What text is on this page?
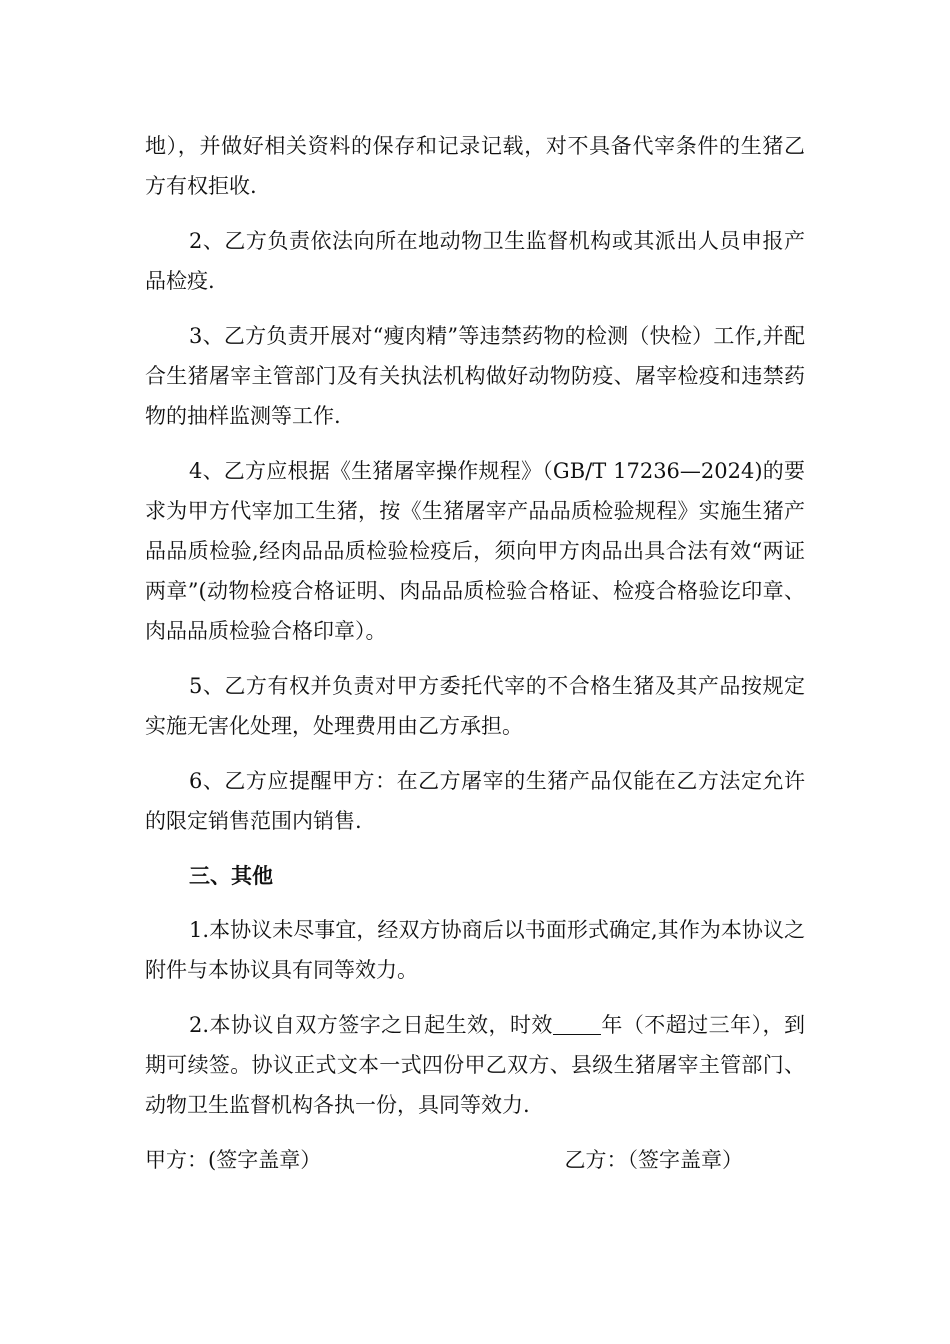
地），并做好相关资料的保存和记录记载，对不具备代宰条件的生猪乙方有权拒收.

2、乙方负责依法向所在地动物卫生监督机构或其派出人员申报产品检疫.

3、乙方负责开展对“瘦肉精”等违禁药物的检测（快检）工作,并配合生猪屠宰主管部门及有关执法机构做好动物防疫、屠宰检疫和违禁药物的抽样监测等工作.

4、乙方应根据《生猪屠宰操作规程》（GB/T 17236—2024)的要求为甲方代宰加工生猪，按《生猪屠宰产品品质检验规程》实施生猪产品品质检验,经肉品品质检验检疫后，须向甲方肉品出具合法有效“两证两章”(动物检疫合格证明、肉品品质检验合格证、检疫合格验讫印章、肉品品质检验合格印章）。

5、乙方有权并负责对甲方委托代宰的不合格生猪及其产品按规定实施无害化处理，处理费用由乙方承担。

6、乙方应提醒甲方：在乙方屠宰的生猪产品仅能在乙方法定允许的限定销售范围内销售.

三、其他

1.本协议未尽事宜，经双方协商后以书面形式确定,其作为本协议之附件与本协议具有同等效力。

2.本协议自双方签字之日起生效，时效 年（不超过三年），到期可续签。协议正式文本一式四份甲乙双方、县级生猪屠宰主管部门、动物卫生监督机构各执一份，具同等效力.

甲方：(签字盖章）	乙方：（签字盖章）
